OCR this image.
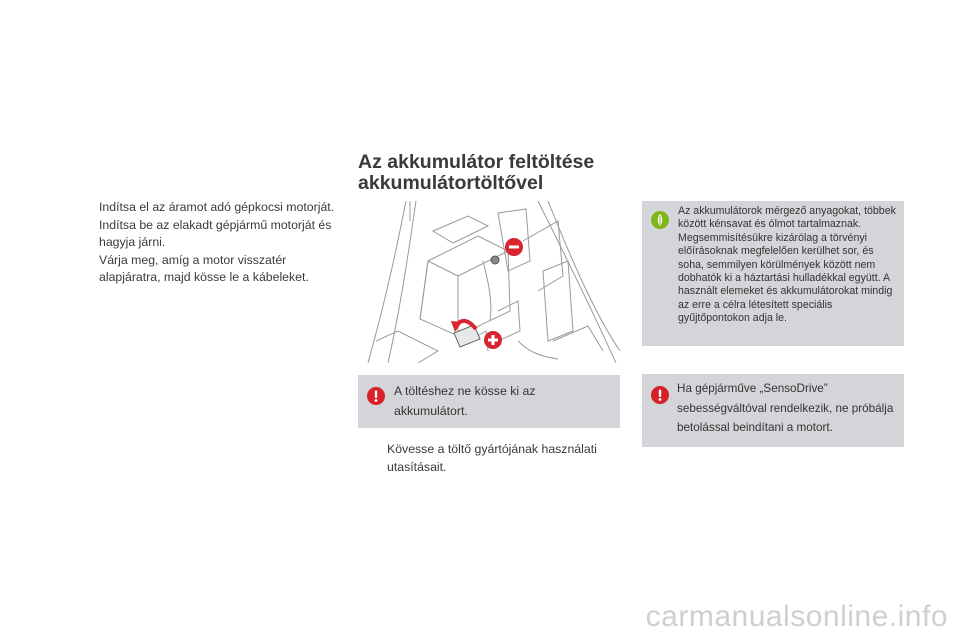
Indítsa el az áramot adó gépkocsi motorját.
Indítsa be az elakadt gépjármű motorját és hagyja járni.
Várja meg, amíg a motor visszatér alapjáratra, majd kösse le a kábeleket.
Az akkumulátor feltöltése
akkumulátortöltővel
A töltéshez ne kösse ki az akkumulátort.
Kövesse a töltő gyártójának használati utasításait.
Az akkumulátorok mérgező anyagokat, többek között kénsavat és ólmot tartalmaznak. Megsemmisítésükre kizárólag a törvényi előírásoknak megfelelően kerülhet sor, és soha, semmilyen körülmények között nem dobhatók ki a háztartási hulladékkal együtt. A használt elemeket és akkumulátorokat mindig az erre a célra létesített speciális gyűjtőpontokon adja le.
Ha gépjárműve „SensoDrive” sebességváltóval rendelkezik, ne próbálja betolással beindítani a motort.
carmanualsonline.info
